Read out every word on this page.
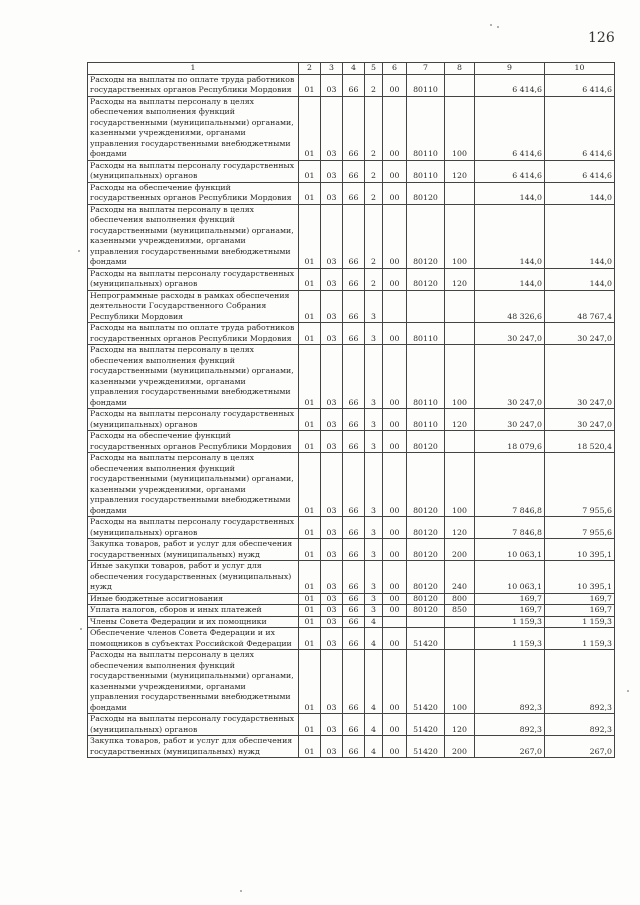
126
1	2	3	4	5	6	7	8	9	10
Расходы на выплаты по оплате труда работников государственных органов Республики Мордовия	01	03	66	2	00	80110		6 414,6	6 414,6
Расходы на выплаты персоналу в целях обеспечения выполнения функций государственными (муниципальными) органами, казенными учреждениями, органами управления государственными внебюджетными фондами	01	03	66	2	00	80110	100	6 414,6	6 414,6
Расходы на выплаты персоналу государственных (муниципальных) органов	01	03	66	2	00	80110	120	6 414,6	6 414,6
Расходы на обеспечение функций государственных органов Республики Мордовия	01	03	66	2	00	80120		144,0	144,0
Расходы на выплаты персоналу в целях обеспечения выполнения функций государственными (муниципальными) органами, казенными учреждениями, органами управления государственными внебюджетными фондами	01	03	66	2	00	80120	100	144,0	144,0
Расходы на выплаты персоналу государственных (муниципальных) органов	01	03	66	2	00	80120	120	144,0	144,0
Непрограммные расходы в рамках обеспечения деятельности Государственного Собрания Республики Мордовия	01	03	66	3				48 326,6	48 767,4
Расходы на выплаты по оплате труда работников государственных органов Республики Мордовия	01	03	66	3	00	80110		30 247,0	30 247,0
Расходы на выплаты персоналу в целях обеспечения выполнения функций государственными (муниципальными) органами, казенными учреждениями, органами управления государственными внебюджетными фондами	01	03	66	3	00	80110	100	30 247,0	30 247,0
Расходы на выплаты персоналу государственных (муниципальных) органов	01	03	66	3	00	80110	120	30 247,0	30 247,0
Расходы на обеспечение функций государственных органов Республики Мордовия	01	03	66	3	00	80120		18 079,6	18 520,4
Расходы на выплаты персоналу в целях обеспечения выполнения функций государственными (муниципальными) органами, казенными учреждениями, органами управления государственными внебюджетными фондами	01	03	66	3	00	80120	100	7 846,8	7 955,6
Расходы на выплаты персоналу государственных (муниципальных) органов	01	03	66	3	00	80120	120	7 846,8	7 955,6
Закупка товаров, работ и услуг для обеспечения государственных (муниципальных) нужд	01	03	66	3	00	80120	200	10 063,1	10 395,1
Иные закупки товаров, работ и услуг для обеспечения государственных (муниципальных) нужд	01	03	66	3	00	80120	240	10 063,1	10 395,1
Иные бюджетные ассигнования	01	03	66	3	00	80120	800	169,7	169,7
Уплата налогов, сборов и иных платежей	01	03	66	3	00	80120	850	169,7	169,7
Члены Совета Федерации и их помощники	01	03	66	4				1 159,3	1 159,3
Обеспечение членов Совета Федерации и их помощников в субъектах Российской Федерации	01	03	66	4	00	51420		1 159,3	1 159,3
Расходы на выплаты персоналу в целях обеспечения выполнения функций государственными (муниципальными) органами, казенными учреждениями, органами управления государственными внебюджетными фондами	01	03	66	4	00	51420	100	892,3	892,3
Расходы на выплаты персоналу государственных (муниципальных) органов	01	03	66	4	00	51420	120	892,3	892,3
Закупка товаров, работ и услуг для обеспечения государственных (муниципальных) нужд	01	03	66	4	00	51420	200	267,0	267,0
